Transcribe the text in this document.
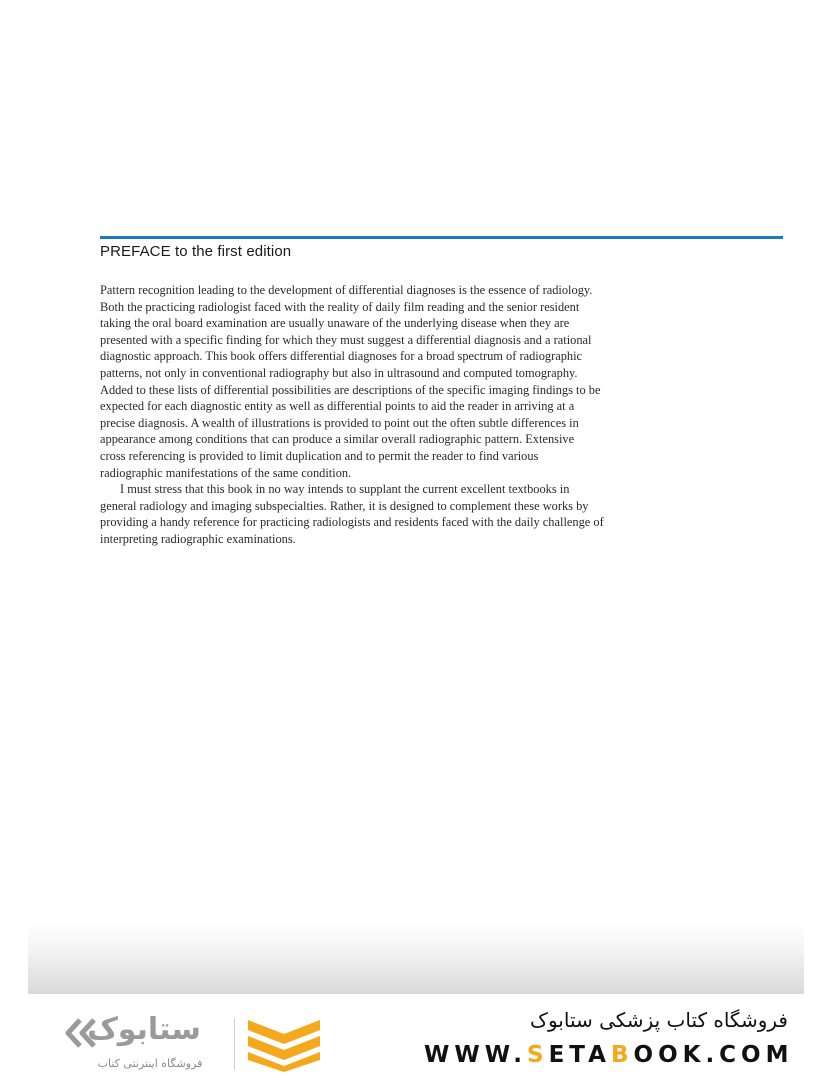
PREFACE to the first edition
Pattern recognition leading to the development of differential diagnoses is the essence of radiology.
Both the practicing radiologist faced with the reality of daily film reading and the senior resident
taking the oral board examination are usually unaware of the underlying disease when they are
presented with a specific finding for which they must suggest a differential diagnosis and a rational
diagnostic approach. This book offers differential diagnoses for a broad spectrum of radiographic
patterns, not only in conventional radiography but also in ultrasound and computed tomography.
Added to these lists of differential possibilities are descriptions of the specific imaging findings to be
expected for each diagnostic entity as well as differential points to aid the reader in arriving at a
precise diagnosis. A wealth of illustrations is provided to point out the often subtle differences in
appearance among conditions that can produce a similar overall radiographic pattern. Extensive
cross referencing is provided to limit duplication and to permit the reader to find various
radiographic manifestations of the same condition.
I must stress that this book in no way intends to supplant the current excellent textbooks in
general radiology and imaging subspecialties. Rather, it is designed to complement these works by
providing a handy reference for practicing radiologists and residents faced with the daily challenge of
interpreting radiographic examinations.
ستابوک
فروشگاه اینترنتی کتاب
فروشگاه کتاب پزشکی ستابوک
WWW.SETABOOK.COM
